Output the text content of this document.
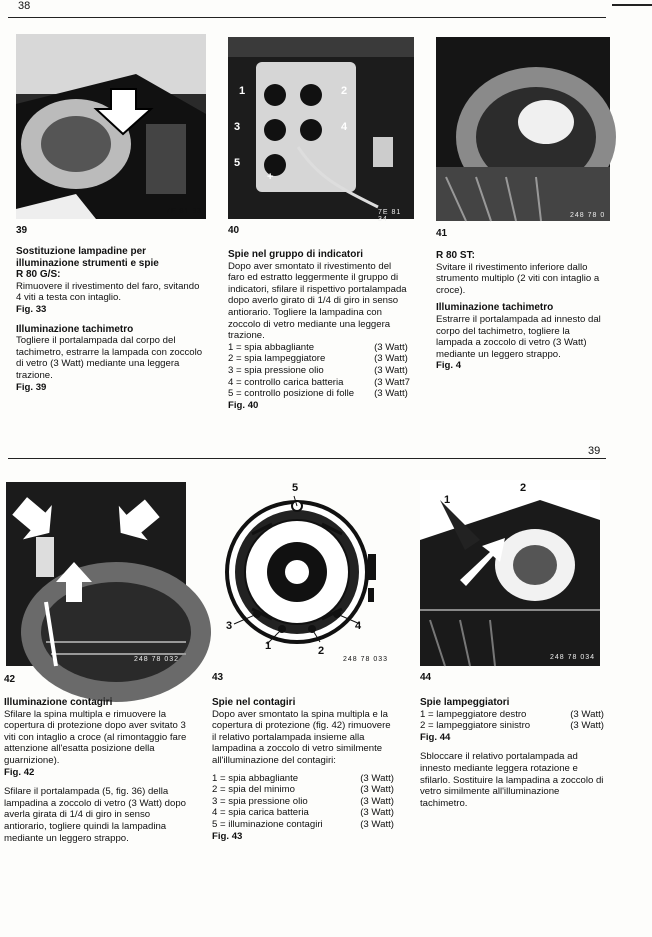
38
7E 81 33
39
1	2
3	4
5
+
7E 81 34
40
248 78 0
41

Sostituzione lampadine per illuminazione strumenti e spie

R 80 G/S:

Rimuovere il rivestimento del faro, svitando 4 viti a testa con intaglio.

Fig. 33

Illuminazione tachimetro

Togliere il portalampada dal corpo del tachimetro, estrarre la lampada con zoccolo di vetro (3 Watt) mediante una leggera trazione.

Fig. 39

Spie nel gruppo di indicatori

Dopo aver smontato il rivestimento del faro ed estratto leggermente il gruppo di indicatori, sfilare il rispettivo portalampada dopo averlo girato di 1/4 di giro in senso antiorario. Togliere la lampadina con zoccolo di vetro mediante una leggera trazione.

1 = spia abbagliante	(3 Watt)
2 = spia lampeggiatore	(3 Watt)
3 = spia pressione olio	(3 Watt)
4 = controllo carica batteria	(3 Watt7
5 = controllo posizione di folle	(3 Watt)

Fig. 40

R 80 ST:

Svitare il rivestimento inferiore dallo strumento multiplo (2 viti con intaglio a croce).

Illuminazione tachimetro

Estrarre il portalampada ad innesto dal corpo del tachimetro, togliere la lampada a zoccolo di vetro (3 Watt) mediante un leggero strappo.

Fig. 4

39
248 78 032
42
5
3	4
1	2
248 78 033
43
1
2
248 78 034
44

Illuminazione contagiri

Sfilare la spina multipla e rimuovere la copertura di protezione dopo aver svitato 3 viti con intaglio a croce (al rimontaggio fare attenzione all'esatta posizione della guarnizione).

Fig. 42

Sfilare il portalampada (5, fig. 36) della lampadina a zoccolo di vetro (3 Watt) dopo averla girata di 1/4 di giro in senso antiorario, togliere quindi la lampadina mediante un leggero strappo.

Spie nel contagiri

Dopo aver smontato la spina multipla e la copertura di protezione (fig. 42) rimuovere il relativo portalampada insieme alla lampadina a zoccolo di vetro similmente all'illuminazione del contagiri:

1 = spia abbagliante	(3 Watt)
2 = spia del minimo	(3 Watt)
3 = spia pressione olio	(3 Watt)
4 = spia carica batteria	(3 Watt)
5 = illuminazione contagiri	(3 Watt)

Fig. 43

Spie lampeggiatori

1 = lampeggiatore destro	(3 Watt)
2 = lampeggiatore sinistro	(3 Watt)

Fig. 44

Sbloccare il relativo portalampada ad innesto mediante leggera rotazione e sfilarlo. Sostituire la lampadina a zoccolo di vetro similmente all'illuminazione tachimetro.
